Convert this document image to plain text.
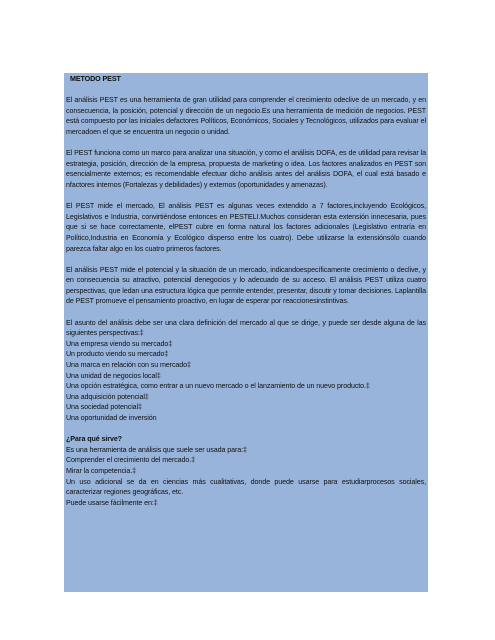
METODO PEST

El análisis PEST es una herramienta de gran utilidad para comprender el crecimiento odeclive de un mercado, y en consecuencia, la posición, potencial y dirección de un negocio.Es una herramienta de medición de negocios. PEST está compuesto por las iniciales defactores Políticos, Económicos, Sociales y Tecnológicos, utilizados para evaluar el mercadoen el que se encuentra un negocio o unidad.

El PEST funciona como un marco para analizar una situación, y como el análisis DOFA, es de utilidad para revisar la estrategia, posición, dirección de la empresa, propuesta de marketing o idea. Los factores analizados en PEST son esencialmente externos; es recomendable efectuar dicho análisis antes del análisis DOFA, el cual está basado e nfactores internos (Fortalezas y debilidades) y externos (oportunidades y amenazas).

El PEST mide el mercado, El análisis PEST es algunas veces extendido a 7 factores,incluyendo Ecológicos, Legislativos e Industria, convirtiéndose entonces en PESTELI.Muchos consideran esta extensión innecesaria, pues que si se hace correctamente, elPEST cubre en forma natural los factores adicionales (Legislativo entraría en Político,Industria en Economía y Ecológico disperso entre los cuatro). Debe utilizarse la extensiónsólo cuando parezca faltar algo en los cuatro primeros factores.

El análisis PEST mide el potencial y la situación de un mercado, indicandoespecíficamente crecimiento o declive, y en consecuencia su atractivo, potencial denegocios y lo adecuado de su acceso. El análisis PEST utiliza cuatro perspectivas, que ledan una estructura lógica que permite entender, presentar, discutir y tomar decisiones. Laplantilla de PEST promueve el pensamiento proactivo, en lugar de esperar por reaccionesinstintivas.

El asunto del análisis debe ser una clara definición del mercado al que se dirige, y puede ser desde alguna de las siguientes perspectivas:‡

Una empresa viendo su mercado‡

Un producto viendo su mercado‡

Una marca en relación con su mercado‡

Una unidad de negocios local‡

Una opción estratégica, como entrar a un nuevo mercado o el lanzamiento de un nuevo producto.‡

Una adquisición potencial‡

Una sociedad potencial‡

Una oportunidad de inversión

¿Para qué sirve?

Es una herramienta de análisis que suele ser usada para:‡

Comprender el crecimiento del mercado.‡

Mirar la competencia.‡

Un uso adicional se da en ciencias más cualitativas, donde puede usarse para estudiarprocesos sociales, caracterizar regiones geográficas, etc.

Puede usarse fácilmente en:‡
